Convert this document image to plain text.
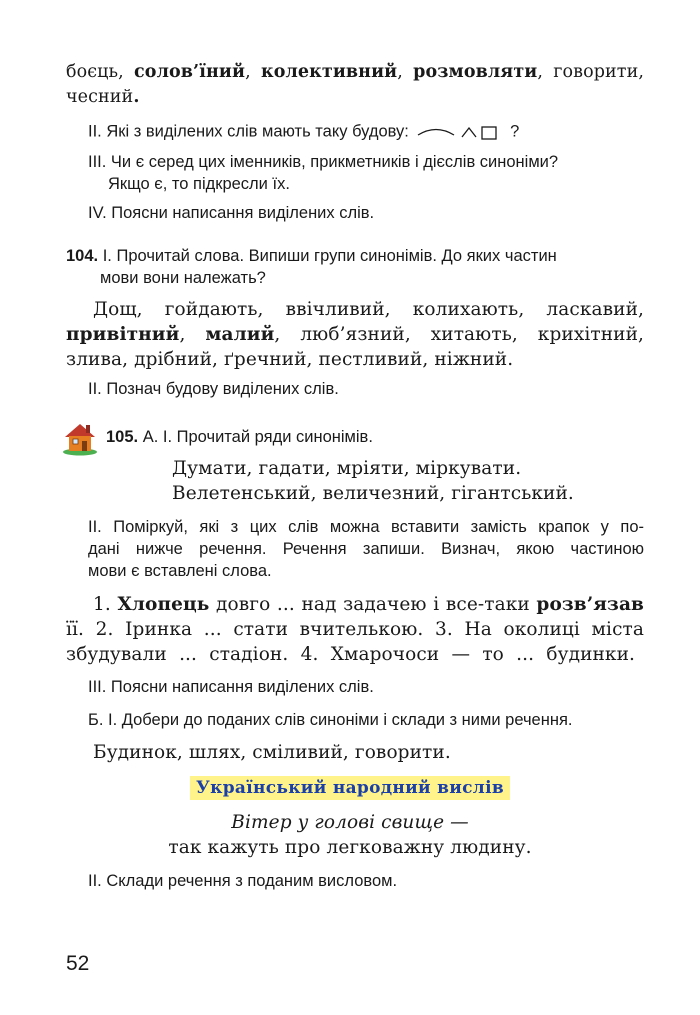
боєць, солов’їний, колективний, розмовляти, говорити,
чесний.
ІІ. Які з виділених слів мають таку будову:	?
ІІІ. Чи є серед цих іменників, прикметників і дієслів синоніми?
Якщо є, то підкресли їх.
IV. Поясни написання виділених слів.
104. І. Прочитай слова. Випиши групи синонімів. До яких частин
мови вони належать?
Дощ, гойдають, ввічливий, колихають, ласкавий,
привітний, малий, люб’язний, хитають, крихітний,
злива, дрібний, ґречний, пестливий, ніжний.
ІІ. Познач будову виділених слів.
105. А. І. Прочитай ряди синонімів.
Думати, гадати, мріяти, міркувати.
Велетенський, величезний, гігантський.
ІІ. Поміркуй, які з цих слів можна вставити замість крапок у по-
дані нижче речення. Речення запиши. Визнач, якою частиною
мови є вставлені слова.
1. Хлопець довго ... над задачею і все-таки розв’язав
її. 2. Іринка ... стати вчителькою. 3. На околиці міста
збудували ... стадіон. 4. Хмарочоси — то ... будинки.
ІІІ. Поясни написання виділених слів.
Б. І. Добери до поданих слів синоніми і склади з ними речення.
Будинок, шлях, сміливий, говорити.
Український народний вислів
Вітер у голові свище —
так кажуть про легковажну людину.
ІІ. Склади речення з поданим висловом.
52
